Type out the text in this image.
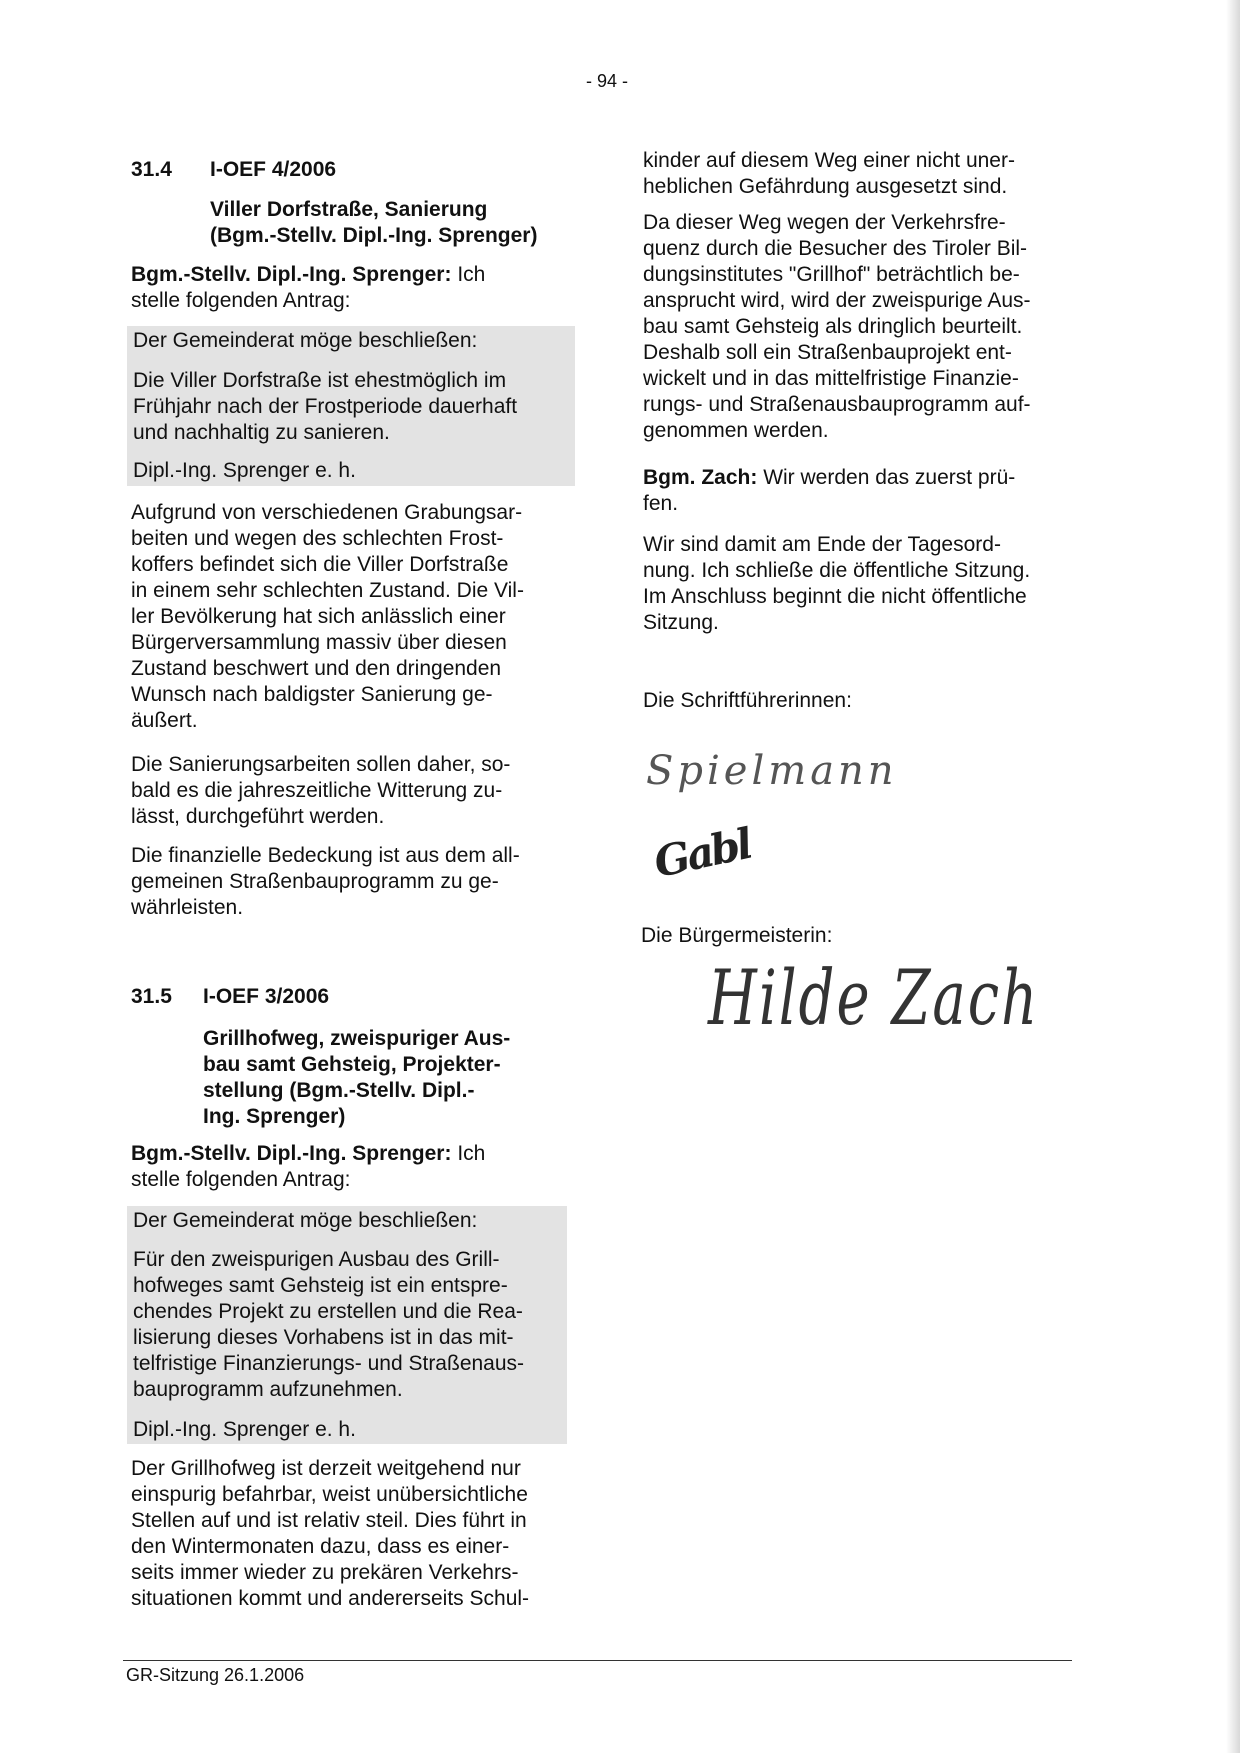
- 94 -
31.4 I-OEF 4/2006
Viller Dorfstraße, Sanierung
(Bgm.-Stellv. Dipl.-Ing. Sprenger)
Bgm.-Stellv. Dipl.-Ing. Sprenger: Ich
stelle folgenden Antrag:
Der Gemeinderat möge beschließen:
Die Viller Dorfstraße ist ehestmöglich im
Frühjahr nach der Frostperiode dauerhaft
und nachhaltig zu sanieren.
Dipl.-Ing. Sprenger e. h.
Aufgrund von verschiedenen Grabungsar-
beiten und wegen des schlechten Frost-
koffers befindet sich die Viller Dorfstraße
in einem sehr schlechten Zustand. Die Vil-
ler Bevölkerung hat sich anlässlich einer
Bürgerversammlung massiv über diesen
Zustand beschwert und den dringenden
Wunsch nach baldigster Sanierung ge-
äußert.
Die Sanierungsarbeiten sollen daher, so-
bald es die jahreszeitliche Witterung zu-
lässt, durchgeführt werden.
Die finanzielle Bedeckung ist aus dem all-
gemeinen Straßenbauprogramm zu ge-
währleisten.
31.5 I-OEF 3/2006
Grillhofweg, zweispuriger Aus-
bau samt Gehsteig, Projekter-
stellung (Bgm.-Stellv. Dipl.-
Ing. Sprenger)
Bgm.-Stellv. Dipl.-Ing. Sprenger: Ich
stelle folgenden Antrag:
Der Gemeinderat möge beschließen:
Für den zweispurigen Ausbau des Grill-
hofweges samt Gehsteig ist ein entspre-
chendes Projekt zu erstellen und die Rea-
lisierung dieses Vorhabens ist in das mit-
telfristige Finanzierungs- und Straßenaus-
bauprogramm aufzunehmen.
Dipl.-Ing. Sprenger e. h.
Der Grillhofweg ist derzeit weitgehend nur
einspurig befahrbar, weist unübersichtliche
Stellen auf und ist relativ steil. Dies führt in
den Wintermonaten dazu, dass es einer-
seits immer wieder zu prekären Verkehrs-
situationen kommt und andererseits Schul-
kinder auf diesem Weg einer nicht uner-
heblichen Gefährdung ausgesetzt sind.
Da dieser Weg wegen der Verkehrsfre-
quenz durch die Besucher des Tiroler Bil-
dungsinstitutes "Grillhof" beträchtlich be-
ansprucht wird, wird der zweispurige Aus-
bau samt Gehsteig als dringlich beurteilt.
Deshalb soll ein Straßenbauprojekt ent-
wickelt und in das mittelfristige Finanzie-
rungs- und Straßenausbauprogramm auf-
genommen werden.
Bgm. Zach: Wir werden das zuerst prü-
fen.
Wir sind damit am Ende der Tagesord-
nung. Ich schließe die öffentliche Sitzung.
Im Anschluss beginnt die nicht öffentliche
Sitzung.
Die Schriftführerinnen:
Spielmann
Gabl
Die Bürgermeisterin:
Hilde Zach
GR-Sitzung 26.1.2006
